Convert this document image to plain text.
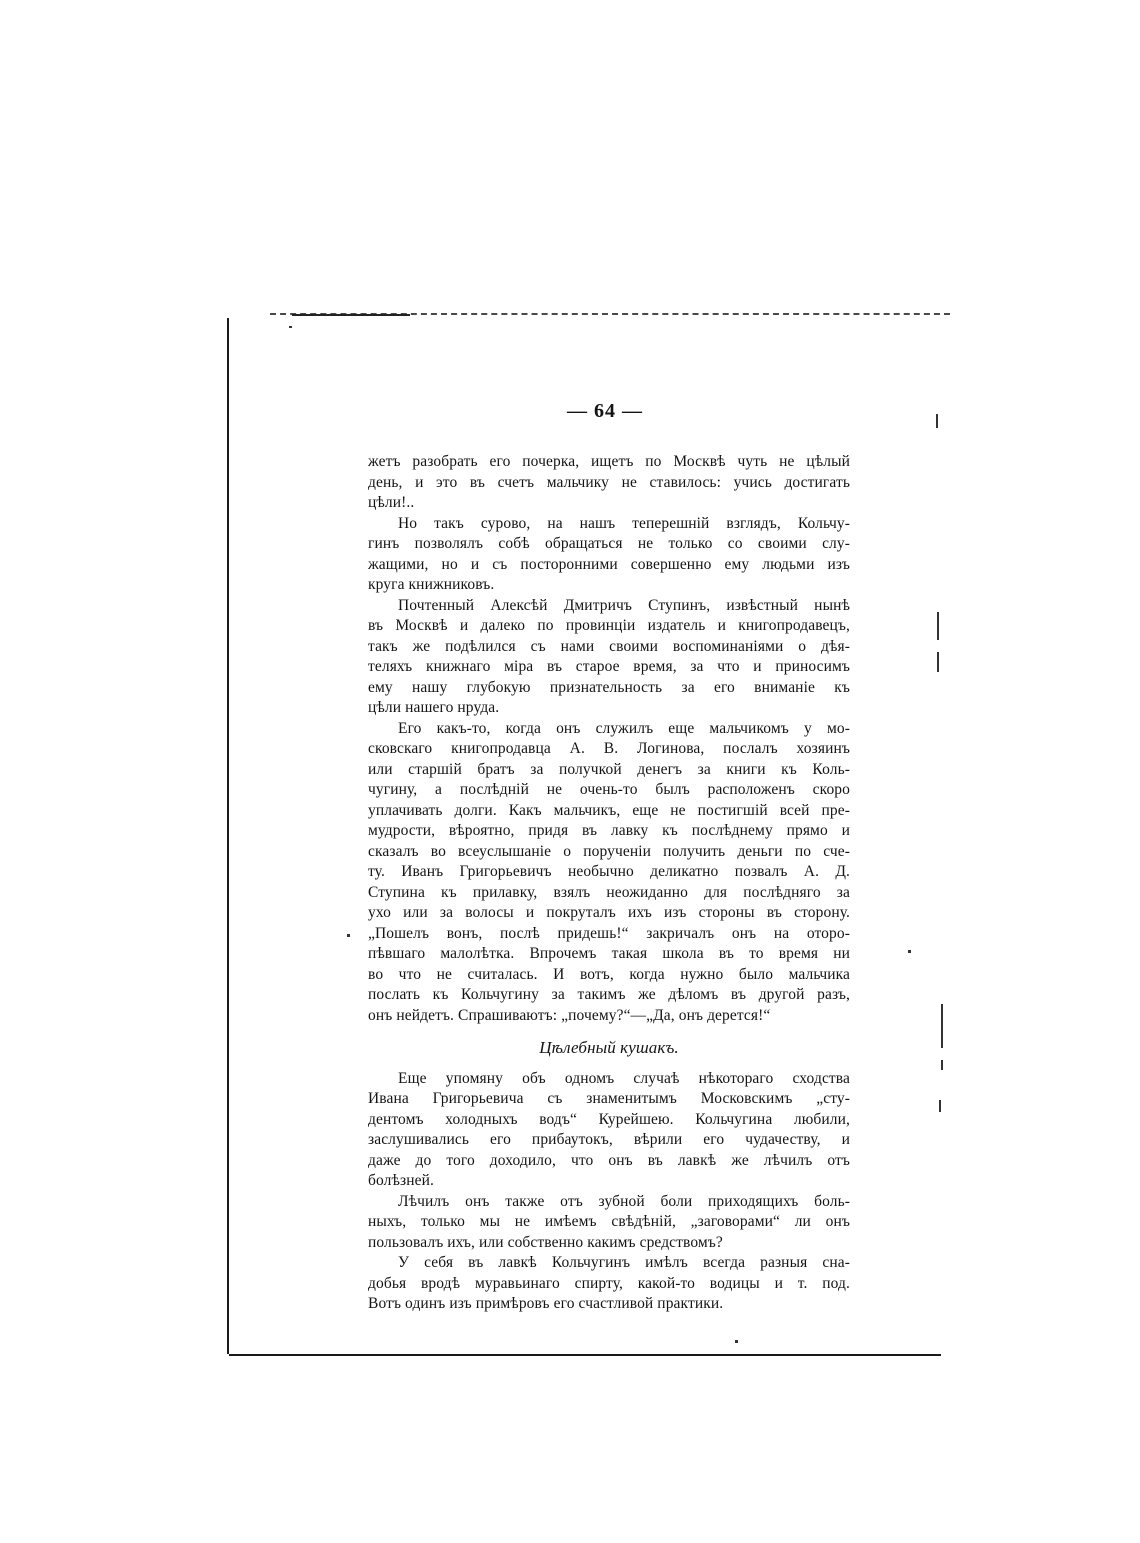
— 64 —
жетъ разобрать его почерка, ищетъ по Москвѣ чуть не цѣлый
день, и это въ счетъ мальчику не ставилось: учись достигать
цѣли!..
Но такъ сурово, на нашъ теперешній взглядъ, Кольчу-
гинъ позволялъ собѣ обращаться не только со своими слу-
жащими, но и съ посторонними совершенно ему людьми изъ
круга книжниковъ.
Почтенный Алексѣй Дмитричъ Ступинъ, извѣстный нынѣ
въ Москвѣ и далеко по провинціи издатель и книгопродавецъ,
такъ же подѣлился съ нами своими воспоминаніями о дѣя-
теляхъ книжнаго міра въ старое время, за что и приносимъ
ему нашу глубокую признательность за его вниманіе къ
цѣли нашего нруда.
Его какъ-то, когда онъ служилъ еще мальчикомъ у мо-
сковскаго книгопродавца А. В. Логинова, послалъ хозяинъ
или старшій братъ за получкой денегъ за книги къ Коль-
чугину, а послѣдній не очень-то былъ расположенъ скоро
уплачивать долги. Какъ мальчикъ, еще не постигшій всей пре-
мудрости, вѣроятно, придя въ лавку къ послѣднему прямо и
сказалъ во всеуслышаніе о порученіи получить деньги по сче-
ту. Иванъ Григорьевичъ необычно деликатно позвалъ А. Д.
Ступина къ прилавку, взялъ неожиданно для послѣдняго за
ухо или за волосы и покруталъ ихъ изъ стороны въ сторону.
„Пошелъ вонъ, послѣ придешь!“ закричалъ онъ на оторо-
пѣвшаго малолѣтка. Впрочемъ такая школа въ то время ни
во что не считалась. И вотъ, когда нужно было мальчика
послать къ Кольчугину за такимъ же дѣломъ въ другой разъ,
онъ нейдетъ. Спрашиваютъ: „почему?“—„Да, онъ дерется!“
Цѣлебный кушакъ.
Еще упомяну объ одномъ случаѣ нѣкотораго сходства
Ивана Григорьевича съ знаменитымъ Московскимъ „сту-
дентомъ холодныхъ водъ“ Курейшею. Кольчугина любили,
заслушивались его прибаутокъ, вѣрили его чудачеству, и
даже до того доходило, что онъ въ лавкѣ же лѣчилъ отъ
болѣзней.
Лѣчилъ онъ также отъ зубной боли приходящихъ боль-
ныхъ, только мы не имѣемъ свѣдѣній, „заговорами“ ли онъ
пользовалъ ихъ, или собственно какимъ средствомъ?
У себя въ лавкѣ Кольчугинъ имѣлъ всегда разныя сна-
добья вродѣ муравьинаго спирту, какой-то водицы и т. под.
Вотъ одинъ изъ примѣровъ его счастливой практики.
